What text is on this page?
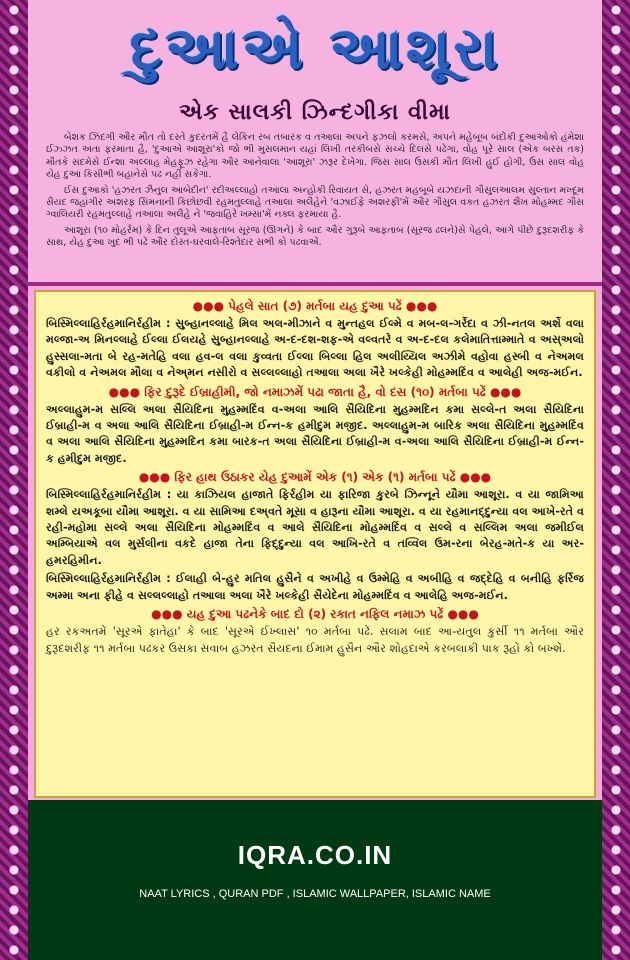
દુઆએ આશૂરા
એક સાલકી ઝિન્દગીકા વીમા

બેશક ઝિંદગી ઔર મૌત તો દસ્તે કુદરતમેં હૈ લેકિન રબ તબારક વ તઆલા અપને ફઝલો કરમસે, અપને મહેબૂબ બંદોંકી દુઆઓકો હંમેશા ઈઝ્ઝત અતા ફરમાતા હૈ, 'દુઆએ આશૂરા'કો જો ભી મુસલમાન યહાં લિખી તરકીબસે સચ્ચે દિલસે પઢેગા, વોહ પૂરે સાલ (એક બરસ તક) મૌતકે સદમેસે ઈન્શા અલ્લાહ મેહફૂઝ રહેગા ઔર આનેવાલા 'આશૂરા' ઝરૂર દેખેગા. જિસ સાલ ઉસકી મૌત લિખી હુઈ હોગી, ઉસ સાલ વોહ યેહ દુઆ કિસીભી બહાનેસે પઢ નહીં સકેગા.

ઈસ દુઆકો 'હઝરત ઝૈનુલ આબેદીન' રદીઅલ્લાહો તઆલા અન્હોકી રિવાયત સે, હઝરત મહબૂબે યઝદાની ગૌસુલઆલમ સુલ્તાન મખ્દૂમ સૈયદ જહાંગીર અશરફ સિમનાની કિછોછવી રહમતુલ્લાહે તઆલા અલૈહેને 'વઝાઈફે અશરફી'મેં ઔર ગૌસુલ વકત હઝરત શૈખ મોહમ્મદ ગૌસ ગ્વાલિયરી રહમતુલ્લાહે તઆલા અલૈહે ને 'જવાહિરે ખમ્સા'મેં નક્લ ફરમાયા હૈ.

આશૂરા (૧૦ મોહર્રમ) કે દિન તુલૂએ આફતાબ સૂરજ (ઊગને) કે બાદ ઔર ગુરૂબે આફતાબ (સૂરજ ઢલને)સે પેહલે, આગે પીછે દુરૂદશરીફ કે સાથ, યેહ દુઆ ખુદ ભી પઢેં ઔર દોસ્ત-ઘરવાલે-રિશ્તેદાર સભી કો પઢવાએં.

●●● પેહલે સાત (૭) મર્તબા યહ દુઆ પઢેં ●●●

બિસ્મિલ્લાહિર્રહમાનિર્રહીમ : સુબ્હાનલ્લાહે મિલ અલ-મીઝાને વ મુન્તહલ ઈલ્મે વ મબ-લ-ગર્રેદા વ ઝી-નતલ અર્શે વલા મલ્જા-અ મિનલ્લાહે ઈલ્લા ઈલયહે સુબ્હાનલ્લાહે અ-દ-દશ-શફ-એ વલ્વતરે વ અ-દ-દલ કલેમાતિત્તામ્માતે વ અસ્અલો હુસ્સલા-મતા બે રહ-મતેહિ વલા હવ-લ વલા કુવ્વતા ઈલ્લા બિલ્લા હિલ અલીય્યિલ અઝીમે વહોવા હસ્બી વ નેઅમલ વકીલો વ નેઅમલ મૌલા વ નેઅ્મન નસીરો વ સલ્લલ્લાહો તઆલા અલા ખૈરે ખલ્કેહી મોહમ્મદિંવ વ આલેહી અજ-મઈન.

●●● ફિર દુરૂદે ઈબ્રાહીમી, જો નમાઝમેં પઢા જાતા હૈ, વો દસ (૧૦) મર્તબા પઢેં ●●●

અલ્લાહુમ-મ સલ્લિ અલા સૈયિદિના મુહમ્મદિંવ વ-અલા આલિ સૈયિદિના મુહમ્મદિન કમા સલ્લે-ત અલા સૈયિદિના ઈબ્રાહી-મ વ અલા આલિ સૈયિદિના ઈબ્રાહી-મ ઈન્ન-ક હમીદુમ મજીદ. અલ્લાહુમ-મ બારિક અલા સૈયિદિના મુહમ્મદિંવ વ અલા આલિ સૈયિદિના મુહમ્મદિન કમા બારક-ત અલા સૈયિદિના ઈબ્રાહી-મ વ-અલા આલિ સૈયિદિના ઈબ્રાહી-મ ઈન્ન-ક હમીદુમ મજીદ.

●●● ફિર હાથ ઉઠાકર યેહ દુઆમેં એક (૧) એક (૧) મર્તબા પઢેં ●●●

બિસ્મિલ્લાહિર્રહમાનિર્રહીમ : યા કાઝિયલ હાજાતે ફિર્રહીમ યા ફારિજા કુરબે ઝિન્નૂને યૌમા આશૂરા. વ યા જામિઆ શમ્લે યઅકૂબા યૌમા આશૂરા. વ યા સામિઆ દઅ્વતે મૂસા વ હારૂના યૌમા આશૂરા. વ યા રહમાનદ્દુન્યા વલ આખે-રતે વ રહી-મહોમા સલ્લે અલા સૈયિદિના મોહમ્મદિંવ વ આલે સૈયિદિના મોહમ્મદિંવ વ સલ્લે વ સલ્લિમ અલા જમીઈલ અમ્બિયાએ વલ મુર્સલીના વકદે હાજા તેના ફિદ્દુન્યા વલ આખિ-રતે વ તવ્વિલ ઉમ-રના બેરહ-મતે-ક યા અર-હમરહિમીન.

બિસ્મિલ્લાહિર્રહમાનિર્રહીમ : ઈલાહી બે-હુર મતિલ હુસૈને વ અખીહે વ ઉમ્મેહિ વ અબીહિ વ જદ્દેહિ વ બનીહિ ફર્રિજ અમ્મા અના ફીહે વ સલ્લલ્લાહો તઆલા અલા ખૈરે ખલ્કેહી સૈયેદેના મોહમ્મદિંવ વ આલેહિ અજ-મઈન.

●●● યહ દુઆ પઢનેકે બાદ દો (૨) રકાત નફિલ નમાઝ પઢેં ●●●

હર રકઅતમેં 'સૂરએ ફાતેહા' કે બાદ 'સૂરએ ઈખ્લાસ' ૧૦ મર્તબા પઢેં. સલામ બાદ આ-યતુલ કુર્સી ૧૧ મર્તબા ઔર દુરૂદશરીફ ૧૧ મર્તબા પઢકર ઉસકા સવાબ હઝરત સૈયદના ઈમામ હુસૈન ઔર શોહદાએ કરબલાકી પાક રૂહોં કો બખ્શેં.

IQRA.CO.IN
NAAT LYRICS , QURAN PDF , ISLAMIC WALLPAPER, ISLAMIC NAME
